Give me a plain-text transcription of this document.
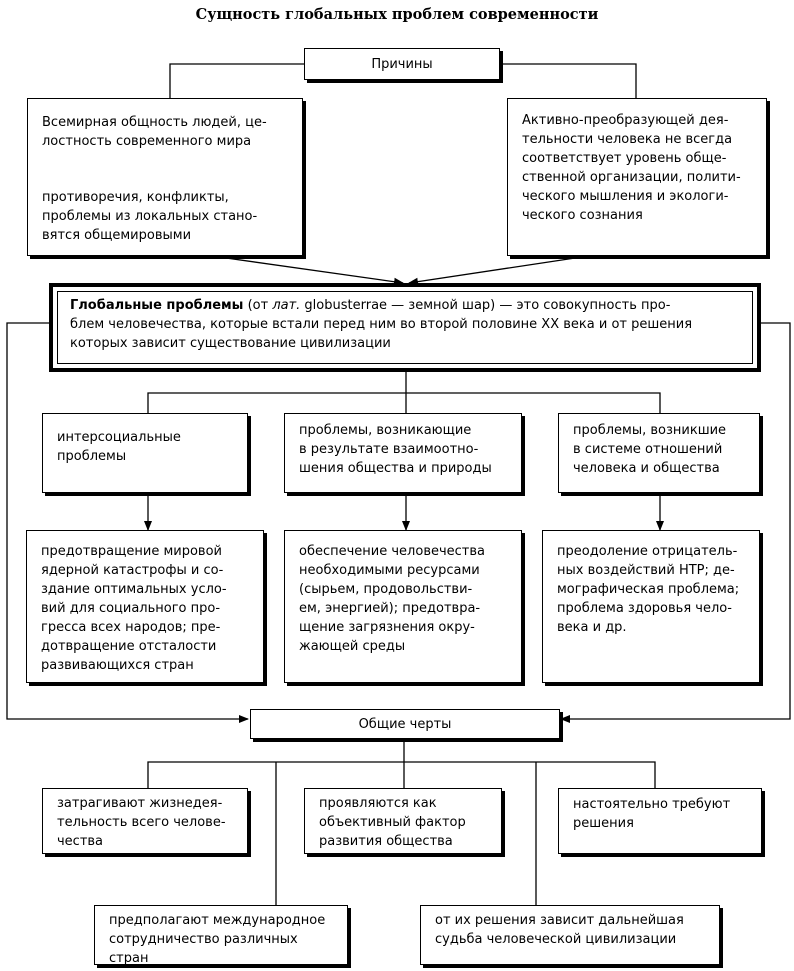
Сущность глобальных проблем современности
Причины
Всемирная общность людей, це-
лостность современного мира
противоречия, конфликты,
проблемы из локальных стано-
вятся общемировыми
Активно-преобразующей дея-
тельности человека не всегда
соответствует уровень обще-
ственной организации, полити-
ческого мышления и экологи-
ческого сознания
Глобальные проблемы (от лат. globusterrae — земной шар) — это совокупность про-
блем человечества, которые встали перед ним во второй половине XX века и от решения
которых зависит существование цивилизации
интерсоциальные
проблемы
проблемы, возникающие
в результате взаимоотно-
шения общества и природы
проблемы, возникшие
в системе отношений
человека и общества
предотвращение мировой
ядерной катастрофы и со-
здание оптимальных усло-
вий для социального про-
гресса всех народов; пре-
дотвращение отсталости
развивающихся стран
обеспечение человечества
необходимыми ресурсами
(сырьем, продовольстви-
ем, энергией); предотвра-
щение загрязнения окру-
жающей среды
преодоление отрицатель-
ных воздействий НТР; де-
мографическая проблема;
проблема здоровья чело-
века и др.
Общие черты
затрагивают жизнедея-
тельность всего челове-
чества
проявляются как
объективный фактор
развития общества
настоятельно требуют
решения
предполагают международное
сотрудничество различных
стран
от их решения зависит дальнейшая
судьба человеческой цивилизации
